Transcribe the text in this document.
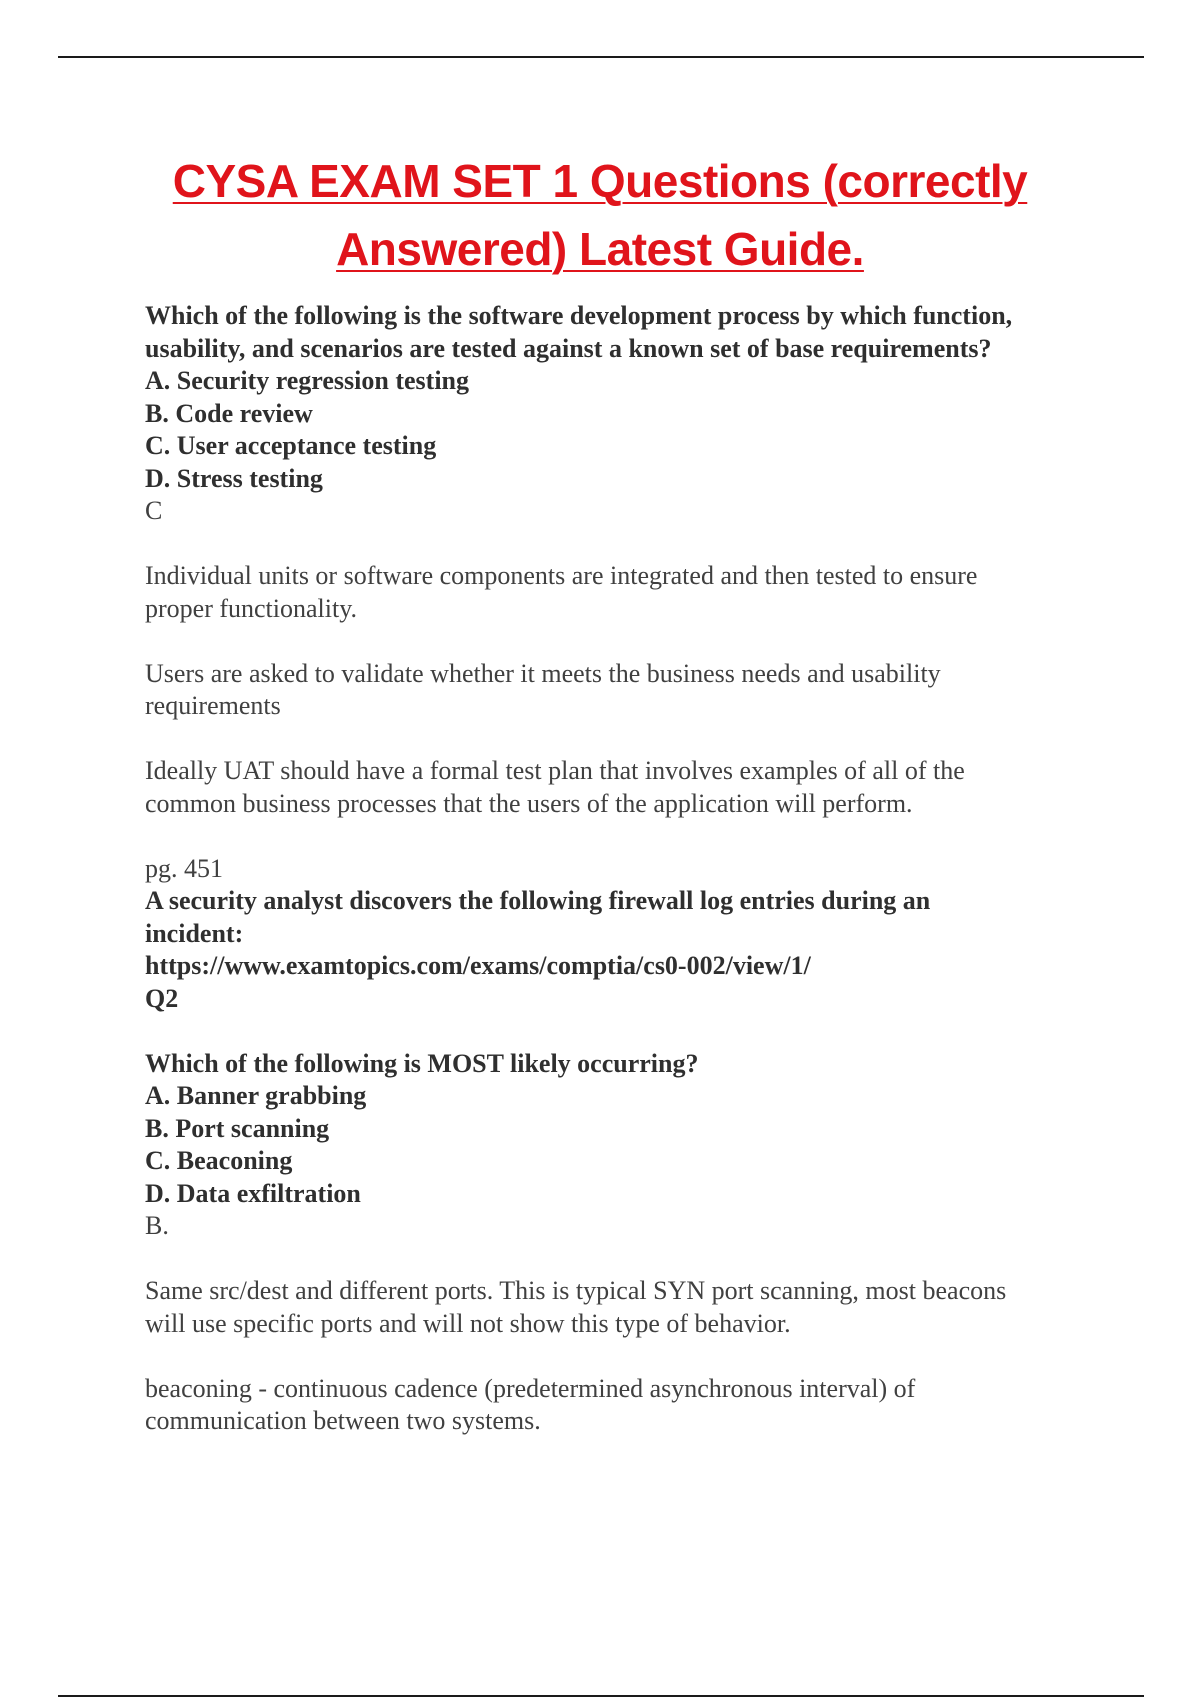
CYSA EXAM SET 1 Questions (correctly
Answered) Latest Guide.
Which of the following is the software development process by which function,
usability, and scenarios are tested against a known set of base requirements?
A. Security regression testing
B. Code review
C. User acceptance testing
D. Stress testing
C
Individual units or software components are integrated and then tested to ensure
proper functionality.
Users are asked to validate whether it meets the business needs and usability
requirements
Ideally UAT should have a formal test plan that involves examples of all of the
common business processes that the users of the application will perform.
pg. 451
A security analyst discovers the following firewall log entries during an
incident:
https://www.examtopics.com/exams/comptia/cs0-002/view/1/
Q2
Which of the following is MOST likely occurring?
A. Banner grabbing
B. Port scanning
C. Beaconing
D. Data exfiltration
B.
Same src/dest and different ports. This is typical SYN port scanning, most beacons
will use specific ports and will not show this type of behavior.
beaconing - continuous cadence (predetermined asynchronous interval) of
communication between two systems.
